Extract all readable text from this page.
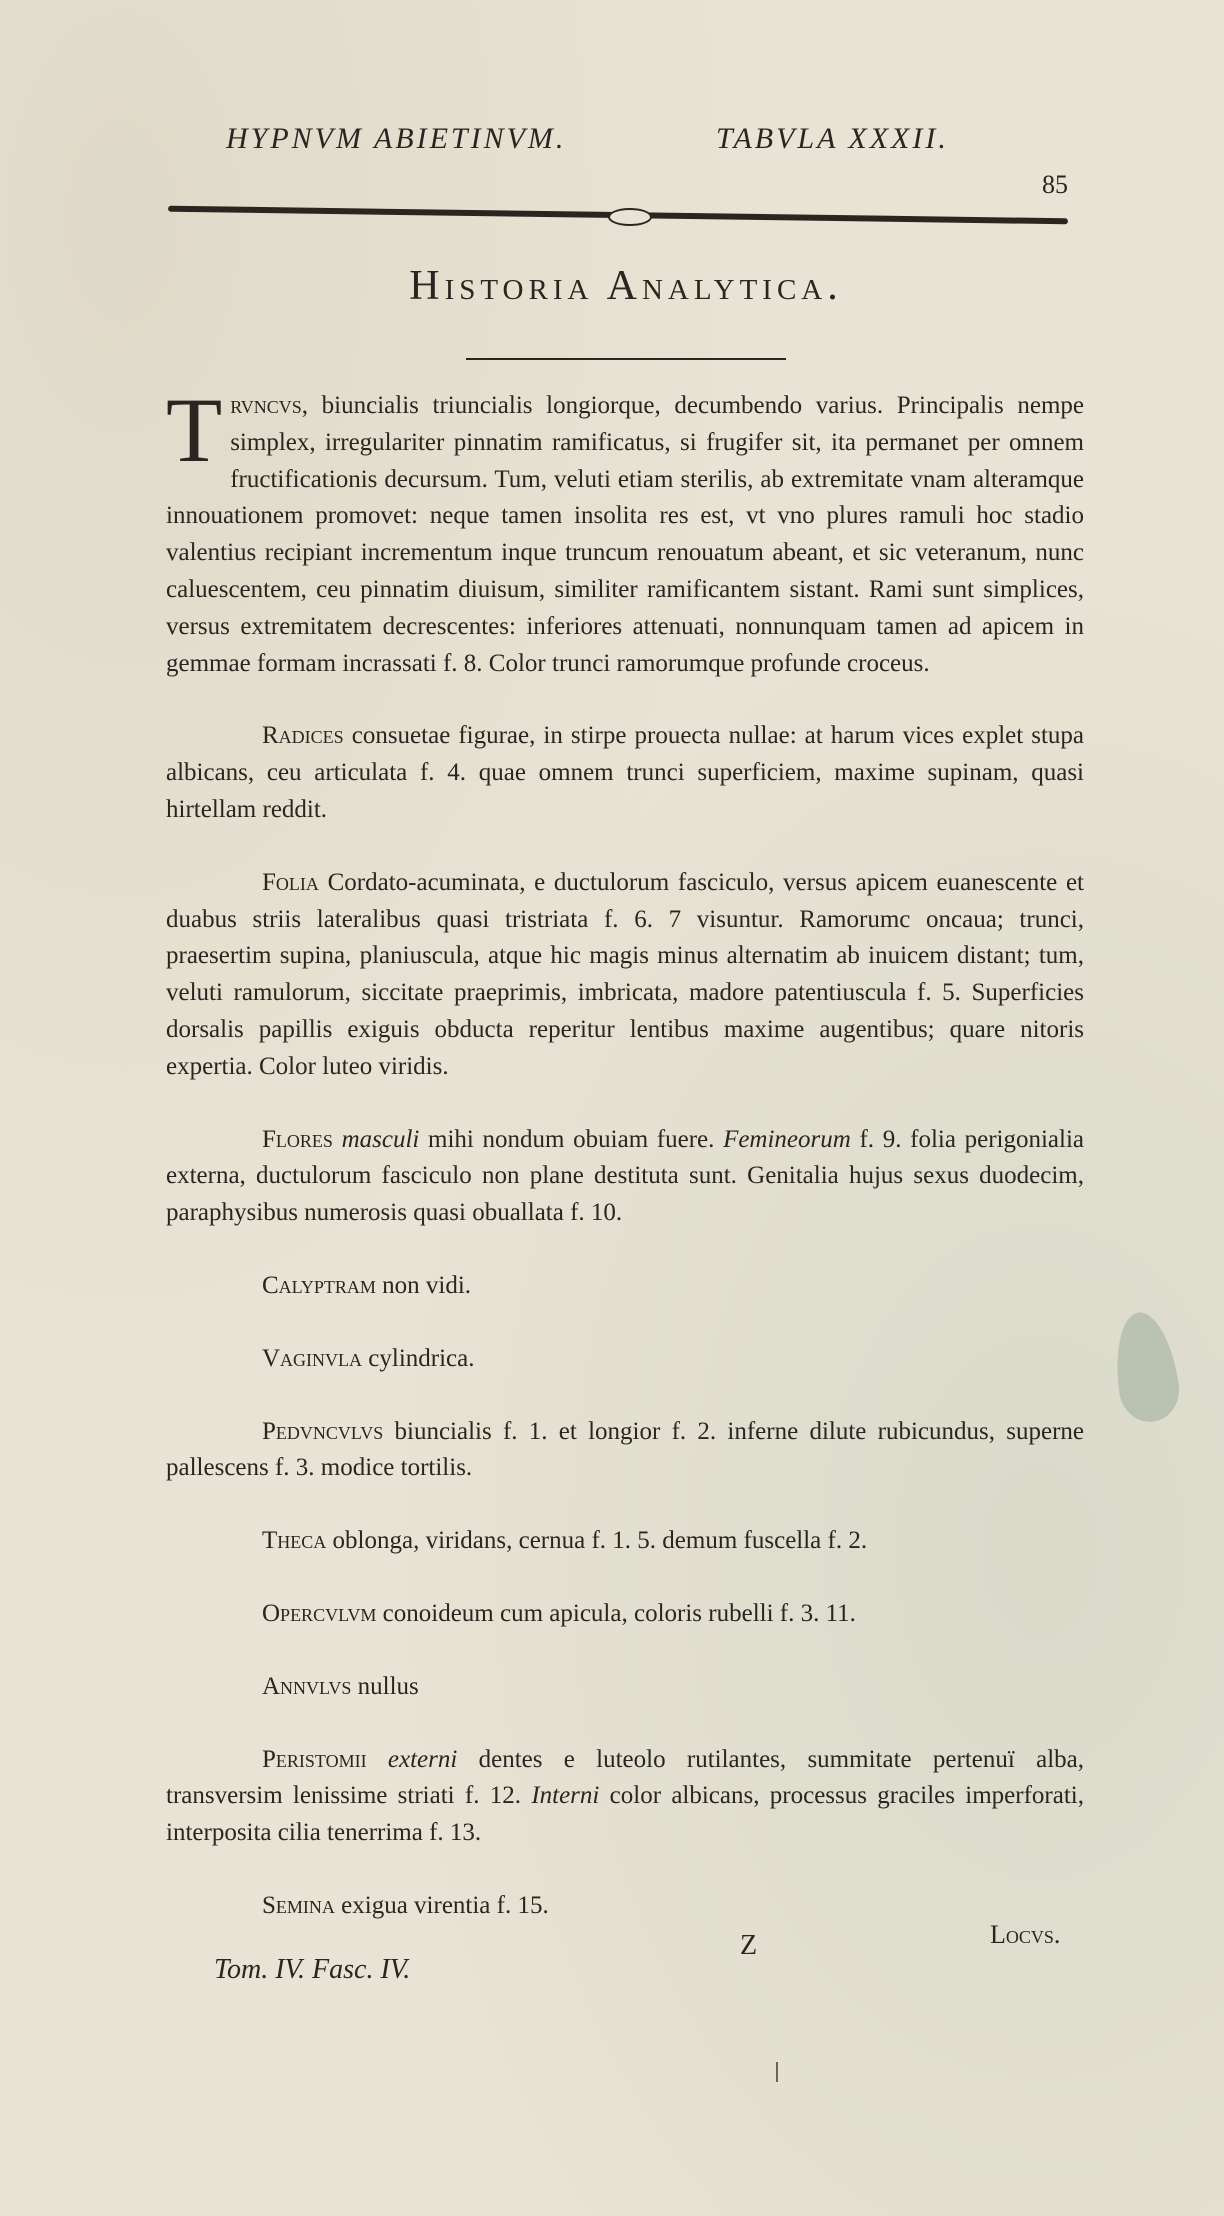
HYPNVM ABIETINVM.	TABVLA XXXII.
85
Historia Analytica.

Trvncvs, biuncialis triuncialis longiorque, decumbendo varius. Principalis nempe simplex, irregulariter pinnatim ramificatus, si frugifer sit, ita permanet per omnem fructificationis decursum. Tum, veluti etiam sterilis, ab extremitate vnam alteramque innouationem promovet: neque tamen insolita res est, vt vno plures ramuli hoc stadio valentius recipiant incrementum inque truncum renouatum abeant, et sic veteranum, nunc caluescentem, ceu pinnatim diuisum, similiter ramificantem sistant. Rami sunt simplices, versus extremitatem decrescentes: inferiores attenuati, nonnunquam tamen ad apicem in gemmae formam incrassati f. 8. Color trunci ramorumque profunde croceus.

Radices consuetae figurae, in stirpe prouecta nullae: at harum vices explet stupa albicans, ceu articulata f. 4. quae omnem trunci superficiem, maxime supinam, quasi hirtellam reddit.

Folia Cordato-acuminata, e ductulorum fasciculo, versus apicem euanescente et duabus striis lateralibus quasi tristriata f. 6. 7 visuntur. Ramorumc oncaua; trunci, praesertim supina, planiuscula, atque hic magis minus alternatim ab inuicem distant; tum, veluti ramulorum, siccitate praeprimis, imbricata, madore patentiuscula f. 5. Superficies dorsalis papillis exiguis obducta reperitur lentibus maxime augentibus; quare nitoris expertia. Color luteo viridis.

Flores masculi mihi nondum obuiam fuere. Femineorum f. 9. folia perigonialia externa, ductulorum fasciculo non plane destituta sunt. Genitalia hujus sexus duodecim, paraphysibus numerosis quasi obuallata f. 10.

Calyptram non vidi.

Vaginvla cylindrica.

Pedvncvlvs biuncialis f. 1. et longior f. 2. inferne dilute rubicundus, superne pallescens f. 3. modice tortilis.

Theca oblonga, viridans, cernua f. 1. 5. demum fuscella f. 2.

Opercvlvm conoideum cum apicula, coloris rubelli f. 3. 11.

Annvlvs nullus

Peristomii externi dentes e luteolo rutilantes, summitate pertenuï alba, transversim lenissime striati f. 12. Interni color albicans, processus graciles imperforati, interposita cilia tenerrima f. 13.

Semina exigua virentia f. 15.

Tom. IV. Fasc. IV.
Z	Locvs.
